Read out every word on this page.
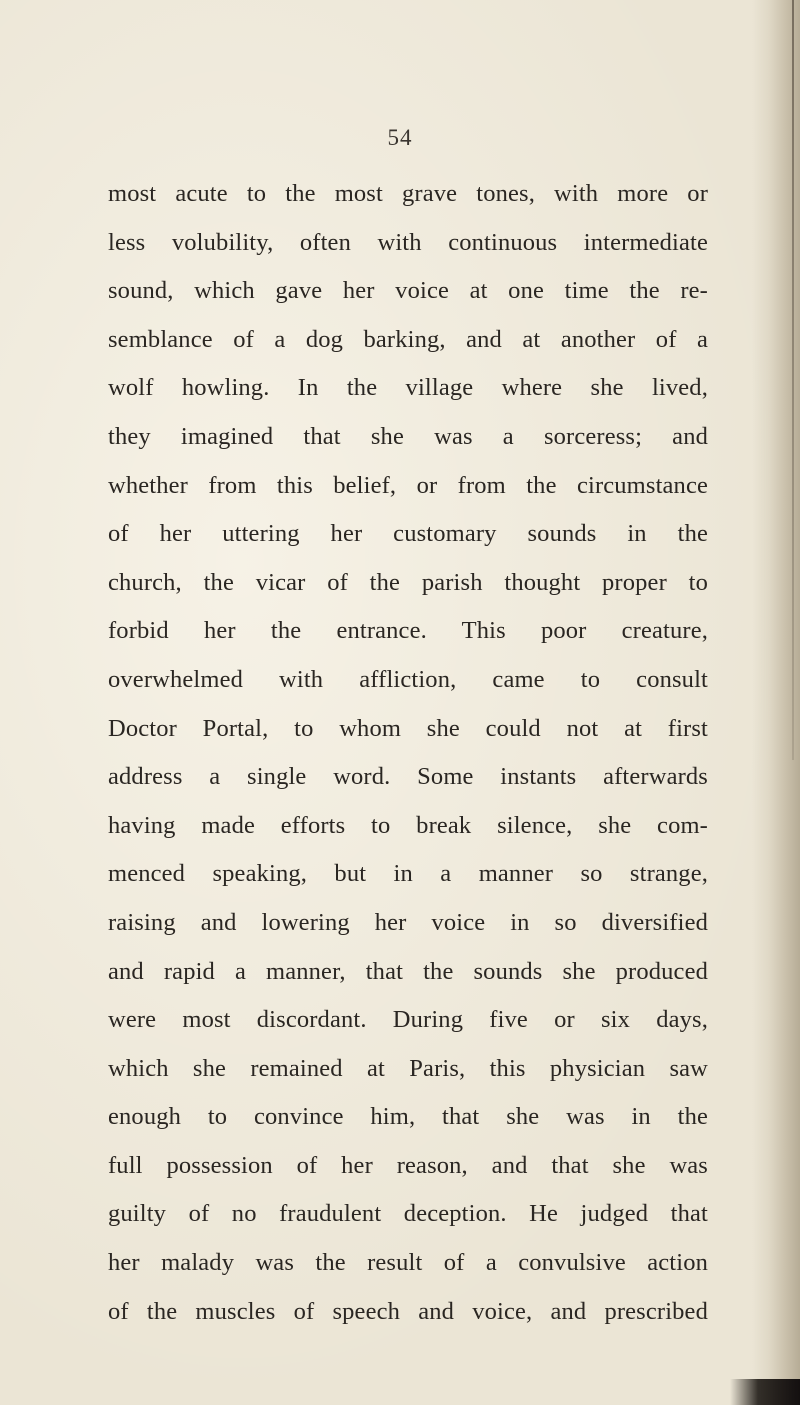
54
most acute to the most grave tones, with more or
less volubility, often with continuous intermediate
sound, which gave her voice at one time the re-
semblance of a dog barking, and at another of a
wolf howling. In the village where she lived,
they imagined that she was a sorceress; and
whether from this belief, or from the circumstance
of her uttering her customary sounds in the
church, the vicar of the parish thought proper to
forbid her the entrance. This poor creature,
overwhelmed with affliction, came to consult
Doctor Portal, to whom she could not at first
address a single word. Some instants afterwards
having made efforts to break silence, she com-
menced speaking, but in a manner so strange,
raising and lowering her voice in so diversified
and rapid a manner, that the sounds she produced
were most discordant. During five or six days,
which she remained at Paris, this physician saw
enough to convince him, that she was in the
full possession of her reason, and that she was
guilty of no fraudulent deception. He judged that
her malady was the result of a convulsive action
of the muscles of speech and voice, and prescribed
